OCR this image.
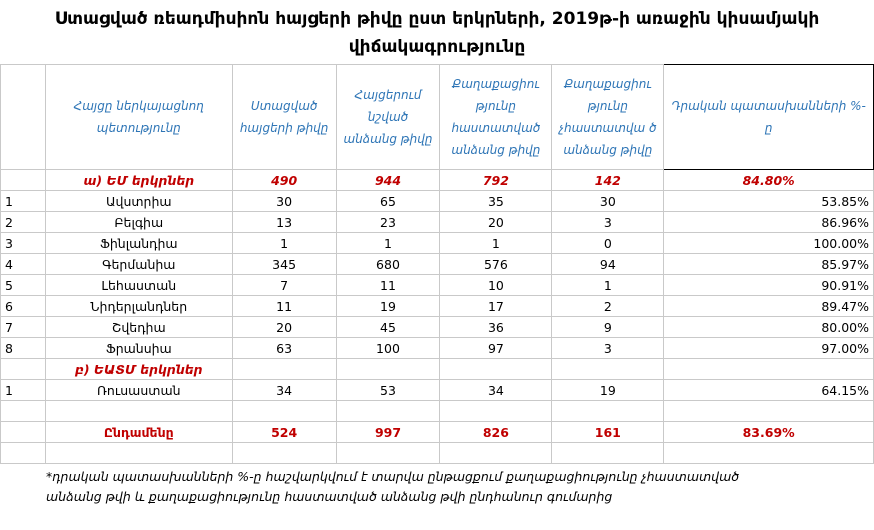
Ստացված ռեադմիսիոն հայցերի թիվը ըստ երկրների, 2019թ-ի առաջին կիսամյակի
վիճակագրությունը
	Հայցը ներկայացնող պետությունը	Ստացված հայցերի թիվը	Հայցերում նշված անձանց թիվը	Քաղաքացիու թյունը հաստատված անձանց թիվը	Քաղաքացիու թյունը չհաստատվա ծ անձանց թիվը	Դրական պատասխանների %-ը
	ա) ԵՄ երկրներ	490	944	792	142	84.80%
1	Ավստրիա	30	65	35	30	53.85%
2	Բելգիա	13	23	20	3	86.96%
3	Ֆինլանդիա	1	1	1	0	100.00%
4	Գերմանիա	345	680	576	94	85.97%
5	Լեհաստան	7	11	10	1	90.91%
6	Նիդերլանդներ	11	19	17	2	89.47%
7	Շվեդիա	20	45	36	9	80.00%
8	Ֆրանսիա	63	100	97	3	97.00%
	բ) ԵԱՏՄ երկրներ					
1	Ռուսաստան	34	53	34	19	64.15%

	Ընդամենը	524	997	826	161	83.69%

*դրական պատասխանների %-ը հաշվարկվում է տարվա ընթացքում քաղաքացիությունը չհաստատված
անձանց թվի և քաղաքացիությունը հաստատված անձանց թվի ընդհանուր գումարից
